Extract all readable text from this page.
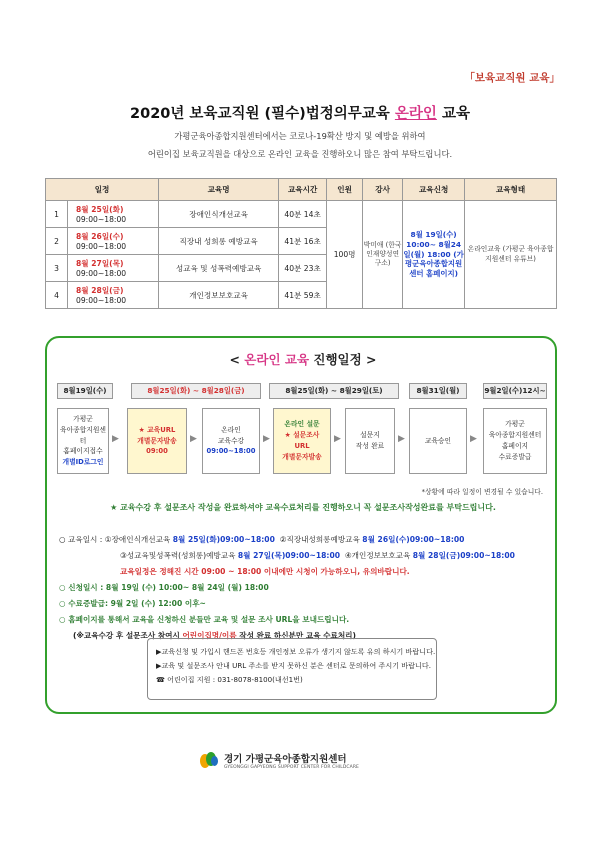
「보육교직원 교육」
2020년 보육교직원 (필수)법정의무교육 온라인 교육
가평군육아종합지원센터에서는 코로나-19확산 방지 및 예방을 위하여
어린이집 보육교직원을 대상으로 온라인 교육을 진행하오니 많은 참여 부탁드립니다.
일정		교육명	교육시간	인원	강사	교육신청	교육형태
1	8월 25일(화) 09:00~18:00	장애인식개선교육	40분 14초	100명	박미애 (한국인재양성연구소)	8월 19일(수) 10:00~ 8월24일(월) 18:00 (가평군육아종합지원센터 홈페이지)	온라인교육 (가평군 육아종합지원센터 유튜브)
2	8월 26일(수) 09:00~18:00	직장내 성희롱 예방교육	41분 16초				
3	8월 27일(목) 09:00~18:00	성교육 및 성폭력예방교육	40분 23초				
4	8월 28일(금) 09:00~18:00	개인정보보호교육	41분 59초				
< 온라인 교육 진행일정 >
8월19일(수)	8월25일(화) ~ 8월28일(금)	8월25일(화) ~ 8월29일(토)	8월31일(월)	9월2일(수)12시~
가평군
육아종합지원센터
홈페이지접수
개별ID로그인
▶
★ 교육URL
개별문자발송
09:00
▶
온라인
교육수강
09:00~18:00
▶
온라인 설문
★ 설문조사
URL
개별문자발송
▶	설문지
작성 완료
▶	교육승인 ▶
가평군
육아종합지원센터
홈페이지
수료증발급
*상황에 따라 일정이 변경될 수 있습니다.
★ 교육수강 후 설문조사 작성을 완료하셔야 교육수료처리를 진행하오니 꼭 설문조사작성완료를 부탁드립니다.
○ 교육일시 : ①장애인식개선교육 8월 25일(화)09:00~18:00 ②직장내성희롱예방교육 8월 26일(수)09:00~18:00
③성교육및성폭력(성희롱)예방교육 8월 27일(목)09:00~18:00 ④개인정보보호교육 8월 28일(금)09:00~18:00
교육일정은 정해진 시간 09:00 ~ 18:00 이내에만 시청이 가능하오니, 유의바랍니다.
○ 신청일시 : 8월 19일 (수) 10:00~ 8월 24일 (월) 18:00
○ 수료증발급: 9월 2일 (수) 12:00 이후~
○ 홈페이지를 통해서 교육을 신청하신 분들만 교육 및 설문 조사 URL을 보내드립니다.
(※교육수강 후 설문조사 참여시 어린이집명/이름 작성 완료 하신분만 교육 수료처리)
▶교육신청 및 가입시 핸드폰 번호등 개인정보 오류가 생기지 않도록 유의 하시기 바랍니다.
▶교육 및 설문조사 안내 URL 주소를 받지 못하신 분은 센터로 문의하여 주시기 바랍니다.
☎ 어린이집 지원 : 031-8078-8100(내선1번)
경기 가평군육아종합지원센터
GYEONGGI GAPYEONG SUPPORT CENTER FOR CHILDCARE
